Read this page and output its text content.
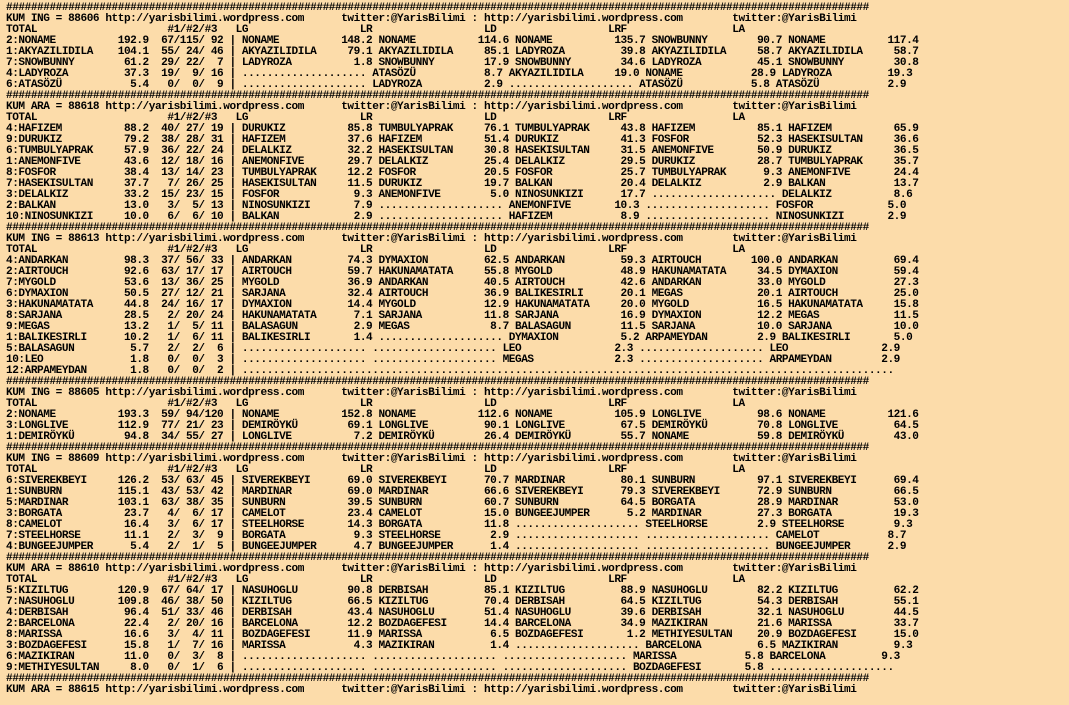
###########################################################################################################################################
KUM ING = 88606 http://yarisbilimi.wordpress.com      twitter:@YarisBilimi : http://yarisbilimi.wordpress.com        twitter:@YarisBilimi
TOTAL                     #1/#2/#3   LG                  LR                  LD                  LRF                 LA
2:NONAME          192.9  67/115/ 92 | NONAME          148.2 NONAME          114.6 NONAME          135.7 SNOWBUNNY        90.7 NONAME          117.4
1:AKYAZILIDILA    104.1  55/ 24/ 46 | AKYAZILIDILA     79.1 AKYAZILIDILA     85.1 LADYROZA         39.8 AKYAZILIDILA     58.7 AKYAZILIDILA     58.7
7:SNOWBUNNY        61.2  29/ 22/  7 | LADYROZA          1.8 SNOWBUNNY        17.9 SNOWBUNNY        34.6 LADYROZA         45.1 SNOWBUNNY        30.8
4:LADYROZA         37.3  19/  9/ 16 | .................... ATASÖZÜ           8.7 AKYAZILIDILA     19.0 NONAME           28.9 LADYROZA         19.3
6:ATASÖZÜ           5.4   0/  0/  9 | .................... LADYROZA          2.9 .................... ATASÖZÜ           5.8 ATASÖZÜ           2.9
###########################################################################################################################################
KUM ARA = 88618 http://yarisbilimi.wordpress.com      twitter:@YarisBilimi : http://yarisbilimi.wordpress.com        twitter:@YarisBilimi
TOTAL                     #1/#2/#3   LG                  LR                  LD                  LRF                 LA
4:HAFIZEM          88.2  40/ 27/ 19 | DURUKIZ          85.8 TUMBULYAPRAK     76.1 TUMBULYAPRAK     43.8 HAFIZEM          85.1 HAFIZEM          65.9
9:DURUKIZ          79.2  38/ 28/ 31 | HAFIZEM          37.6 HAFIZEM          51.4 DURUKIZ          41.3 FOSFOR           52.3 HASEKISULTAN     36.6
6:TUMBULYAPRAK     57.9  36/ 22/ 24 | DELALKIZ         32.2 HASEKISULTAN     30.8 HASEKISULTAN     31.5 ANEMONFIVE       50.9 DURUKIZ          36.5
1:ANEMONFIVE       43.6  12/ 18/ 16 | ANEMONFIVE       29.7 DELALKIZ         25.4 DELALKIZ         29.5 DURUKIZ          28.7 TUMBULYAPRAK     35.7
8:FOSFOR           38.4  13/ 14/ 23 | TUMBULYAPRAK     12.2 FOSFOR           20.5 FOSFOR           25.7 TUMBULYAPRAK      9.3 ANEMONFIVE       24.4
7:HASEKISULTAN     37.7   7/ 26/ 25 | HASEKISULTAN     11.5 DURUKIZ          19.7 BALKAN           20.4 DELALKIZ          2.9 BALKAN           13.7
3:DELALKIZ         33.2  15/ 23/ 15 | FOSFOR            9.3 ANEMONFIVE        5.0 NINOSUNKIZI      17.7 .................... DELALKIZ          8.6
2:BALKAN           13.0   3/  5/ 13 | NINOSUNKIZI       7.9 .................... ANEMONFIVE       10.3 .................... FOSFOR            5.0
10:NINOSUNKIZI     10.0   6/  6/ 10 | BALKAN            2.9 .................... HAFIZEM           8.9 .................... NINOSUNKIZI       2.9
###########################################################################################################################################
KUM ING = 88613 http://yarisbilimi.wordpress.com      twitter:@YarisBilimi : http://yarisbilimi.wordpress.com        twitter:@YarisBilimi
TOTAL                     #1/#2/#3   LG                  LR                  LD                  LRF                 LA
4:ANDARKAN         98.3  37/ 56/ 33 | ANDARKAN         74.3 DYMAXION         62.5 ANDARKAN         59.3 AIRTOUCH        100.0 ANDARKAN         69.4
2:AIRTOUCH         92.6  63/ 17/ 17 | AIRTOUCH         59.7 HAKUNAMATATA     55.8 MYGOLD           48.9 HAKUNAMATATA     34.5 DYMAXION         59.4
7:MYGOLD           53.6  13/ 36/ 25 | MYGOLD           36.9 ANDARKAN         40.5 AIRTOUCH         42.6 ANDARKAN         33.0 MYGOLD           27.3
6:DYMAXION         50.5  27/ 12/ 21 | SARJANA          32.4 AIRTOUCH         36.9 BALIKESIRLI      20.1 MEGAS            20.1 AIRTOUCH         25.0
3:HAKUNAMATATA     44.8  24/ 16/ 17 | DYMAXION         14.4 MYGOLD           12.9 HAKUNAMATATA     20.0 MYGOLD           16.5 HAKUNAMATATA     15.8
8:SARJANA          28.5   2/ 20/ 24 | HAKUNAMATATA      7.1 SARJANA          11.8 SARJANA          16.9 DYMAXION         12.2 MEGAS            11.5
9:MEGAS            13.2   1/  5/ 11 | BALASAGUN         2.9 MEGAS             8.7 BALASAGUN        11.5 SARJANA          10.0 SARJANA          10.0
1:BALIKESIRLI      10.2   1/  6/ 11 | BALIKESIRLI       1.4 .................... DYMAXION          5.2 ARPAMEYDAN        2.9 BALIKESIRLI       5.0
5:BALASAGUN         5.7   2/  2/  6 | .................... .................... LEO               2.3 .................... LEO               2.9
10:LEO              1.8   0/  0/  3 | .................... .................... MEGAS             2.3 .................... ARPAMEYDAN        2.9
12:ARPAMEYDAN       1.8   0/  0/  2 | .........................................................................................................
###########################################################################################################################################
KUM ING = 88605 http://yarisbilimi.wordpress.com      twitter:@YarisBilimi : http://yarisbilimi.wordpress.com        twitter:@YarisBilimi
TOTAL                     #1/#2/#3   LG                  LR                  LD                  LRF                 LA
2:NONAME          193.3  59/ 94/120 | NONAME          152.8 NONAME          112.6 NONAME          105.9 LONGLIVE         98.6 NONAME          121.6
3:LONGLIVE        112.9  77/ 21/ 23 | DEMIRÖYKÜ        69.1 LONGLIVE         90.1 LONGLIVE         67.5 DEMIRÖYKÜ        70.8 LONGLIVE         64.5
1:DEMIRÖYKÜ        94.8  34/ 55/ 27 | LONGLIVE          7.2 DEMIRÖYKÜ        26.4 DEMIRÖYKÜ        55.7 NONAME           59.8 DEMIRÖYKÜ        43.0
###########################################################################################################################################
KUM ING = 88609 http://yarisbilimi.wordpress.com      twitter:@YarisBilimi : http://yarisbilimi.wordpress.com        twitter:@YarisBilimi
TOTAL                     #1/#2/#3   LG                  LR                  LD                  LRF                 LA
6:SIVEREKBEYI     126.2  53/ 63/ 45 | SIVEREKBEYI      69.0 SIVEREKBEYI      70.7 MARDINAR         80.1 SUNBURN          97.1 SIVEREKBEYI      69.4
1:SUNBURN         115.1  43/ 53/ 42 | MARDINAR         69.0 MARDINAR         66.6 SIVEREKBEYI      79.3 SIVEREKBEYI      72.9 SUNBURN          66.5
5:MARDINAR        103.1  63/ 38/ 35 | SUNBURN          39.5 SUNBURN          60.7 SUNBURN          64.5 BORGATA          28.9 MARDINAR         53.0
3:BORGATA          23.7   4/  6/ 17 | CAMELOT          23.4 CAMELOT          15.0 BUNGEEJUMPER      5.2 MARDINAR         27.3 BORGATA          19.3
8:CAMELOT          16.4   3/  6/ 17 | STEELHORSE       14.3 BORGATA          11.8 .................... STEELHORSE        2.9 STEELHORSE        9.3
7:STEELHORSE       11.1   2/  3/  9 | BORGATA           9.3 STEELHORSE        2.9 .................... .................... CAMELOT           8.7
4:BUNGEEJUMPER      5.4   2/  1/  5 | BUNGEEJUMPER      4.7 BUNGEEJUMPER      1.4 .................... .................... BUNGEEJUMPER      2.9
###########################################################################################################################################
KUM ARA = 88610 http://yarisbilimi.wordpress.com      twitter:@YarisBilimi : http://yarisbilimi.wordpress.com        twitter:@YarisBilimi
TOTAL                     #1/#2/#3   LG                  LR                  LD                  LRF                 LA
5:KIZILTUG        120.9  67/ 64/ 17 | NASUHOGLU        90.8 DERBISAH         85.1 KIZILTUG         88.9 NASUHOGLU        82.2 KIZILTUG         62.2
7:NASUHOGLU       109.8  46/ 38/ 50 | KIZILTUG         66.5 KIZILTUG         70.4 DERBISAH         64.5 KIZILTUG         54.3 DERBISAH         55.1
4:DERBISAH         96.4  51/ 33/ 46 | DERBISAH         43.4 NASUHOGLU        51.4 NASUHOGLU        39.6 DERBISAH         32.1 NASUHOGLU        44.5
2:BARCELONA        22.4   2/ 20/ 16 | BARCELONA        12.2 BOZDAGEFESI      14.4 BARCELONA        34.9 MAZIKIRAN        21.6 MARISSA          33.7
8:MARISSA          16.6   3/  4/ 11 | BOZDAGEFESI      11.9 MARISSA           6.5 BOZDAGEFESI       1.2 METHIYESULTAN    20.9 BOZDAGEFESI      15.0
3:BOZDAGEFESI      15.8   1/  7/ 16 | MARISSA           4.3 MAZIKIRAN         1.4 .................... BARCELONA         6.5 MAZIKIRAN         9.3
6:MAZIKIRAN        11.0   0/  3/  8 | .................... .................... .................... MARISSA           5.8 BARCELONA         9.3
9:METHIYESULTAN     8.0   0/  1/  6 | .................... .................... .................... BOZDAGEFESI       5.8 ....................
###########################################################################################################################################
KUM ARA = 88615 http://yarisbilimi.wordpress.com      twitter:@YarisBilimi : http://yarisbilimi.wordpress.com        twitter:@YarisBilimi
